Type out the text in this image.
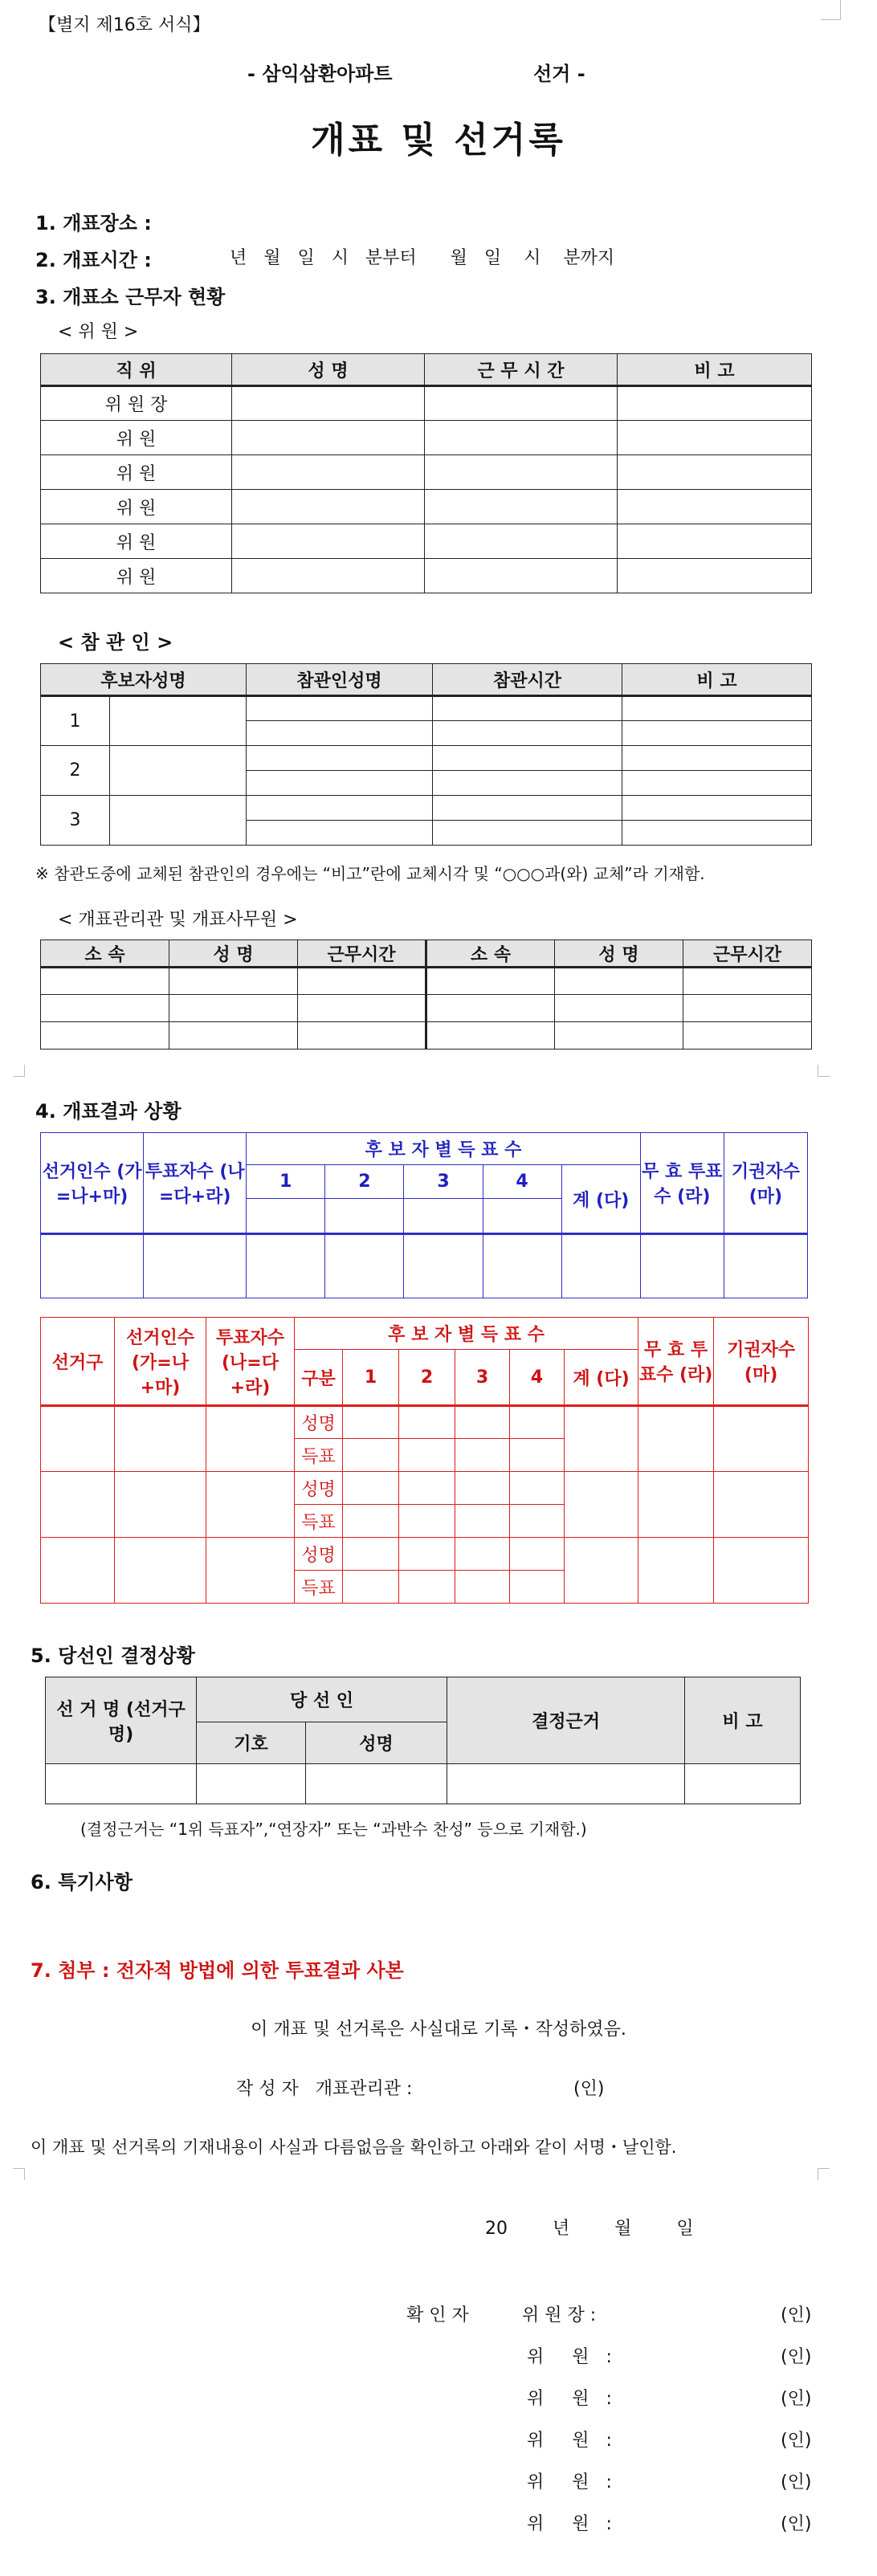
【별지 제16호 서식】
- 삼익삼환아파트	선거 -
개표 및 선거록
1. 개표장소 :
2. 개표시간 :	년   월   일   시   분부터      월   일    시    분까지
3. 개표소 근무자 현황
< 위 원 >
직 위	성 명	근 무 시 간	비 고
위 원 장			
위 원			
위 원			
위 원			
위 원			
위 원			
< 참 관 인 >
후보자성명		참관인성명	참관시간	비 고
1				

2				

3				

※ 참관도중에 교체된 참관인의 경우에는 “비고”란에 교체시각 및 “○○○과(와) 교체”라 기재함.
< 개표관리관 및 개표사무원 >
소 속	성 명	근무시간	소 속	성 명	근무시간

4. 개표결과 상황
선거인수 (가=나+마)	투표자수 (나=다+라)	후 보 자 별 득 표 수					무 효 투표수 (라)	기권자수 (마)
		1	2	3	4	계 (다)		

선거구	선거인수 (가=나 +마)	투표자수 (나=다 +라)	후 보 자 별 득 표 수						무 효 투표수 (라)	기권자수 (마)
			구분	1	2	3	4	계 (다)		
			성명							
			득표							
			성명							
			득표							
			성명							
			득표							
5. 당선인 결정상황
선 거 명 (선거구명)	당 선 인		결정근거	비 고
	기호	성명		

(결정근거는 “1위 득표자”,“연장자” 또는 “과반수 찬성” 등으로 기재함.)
6. 특기사항
7. 첨부 : 전자적 방법에 의한 투표결과 사본
이 개표 및 선거록은 사실대로 기록・작성하였음.
작 성 자   개표관리관 :	(인)
이 개표 및 선거록의 기재내용이 사실과 다름없음을 확인하고 아래와 같이 서명・날인함.
20        년        월        일
확 인 자	위 원 장 :	(인)
위     원   :	(인)
위     원   :	(인)
위     원   :	(인)
위     원   :	(인)
위     원   :	(인)
